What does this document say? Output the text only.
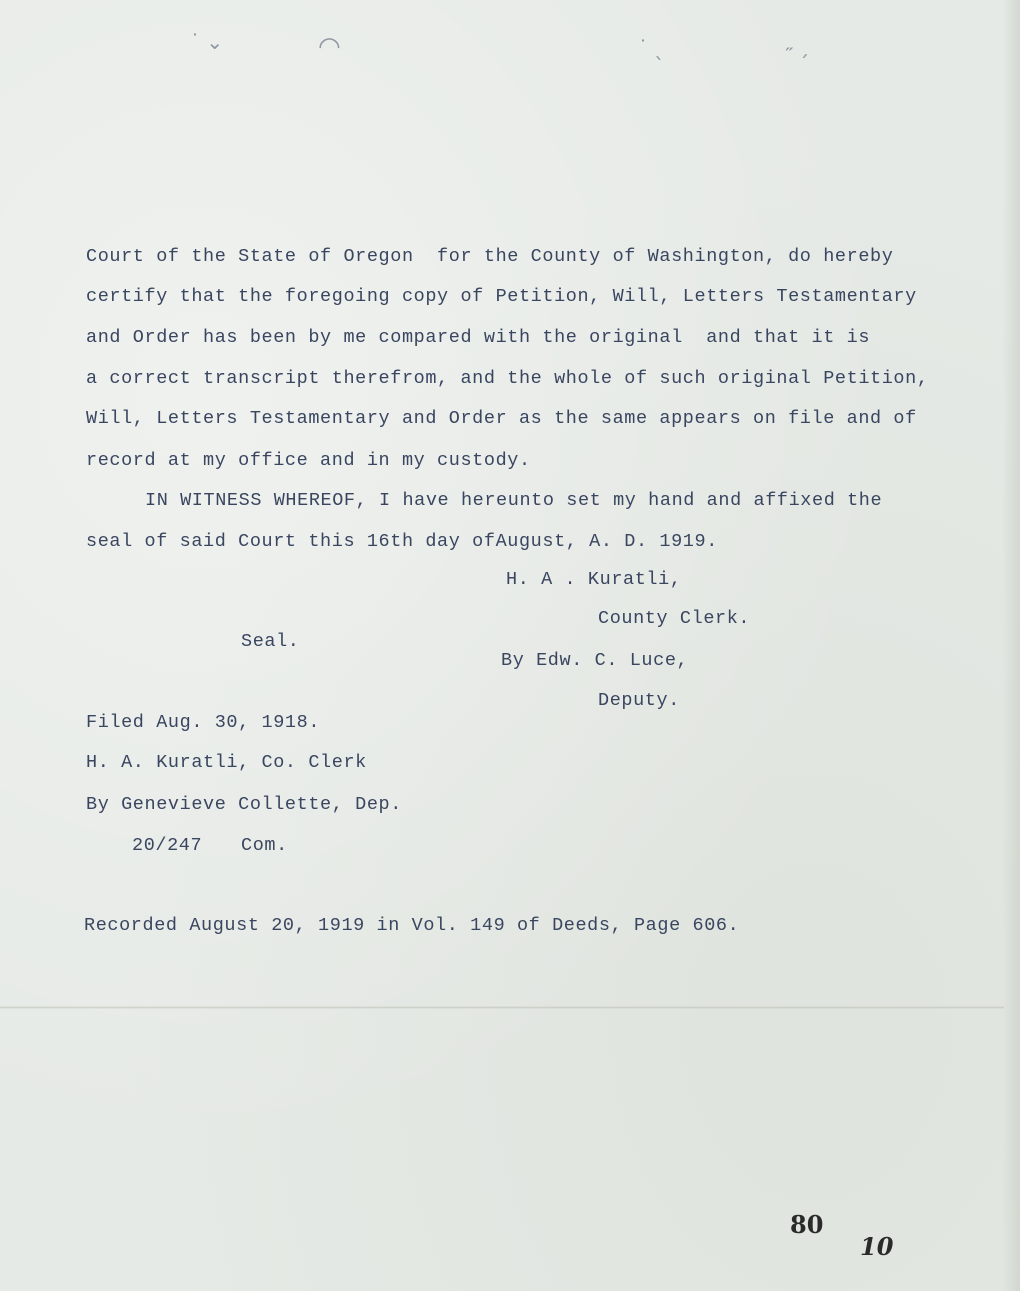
˙ ⌄	◠	˙ ˎ	˶ ˏ
Court of the State of Oregon  for the County of Washington, do hereby
certify that the foregoing copy of Petition, Will, Letters Testamentary
and Order has been by me compared with the original  and that it is
a correct transcript therefrom, and the whole of such original Petition,
Will, Letters Testamentary and Order as the same appears on file and of
record at my office and in my custody.
IN WITNESS WHEREOF, I have hereunto set my hand and affixed the
seal of said Court this 16th day ofAugust, A. D. 1919.
H. A . Kuratli,
County Clerk.
Seal.
By Edw. C. Luce,
Deputy.
Filed Aug. 30, 1918.
H. A. Kuratli, Co. Clerk
By Genevieve Collette, Dep.
20/247 Com.
Recorded August 20, 1919 in Vol. 149 of Deeds, Page 606.
80
10
